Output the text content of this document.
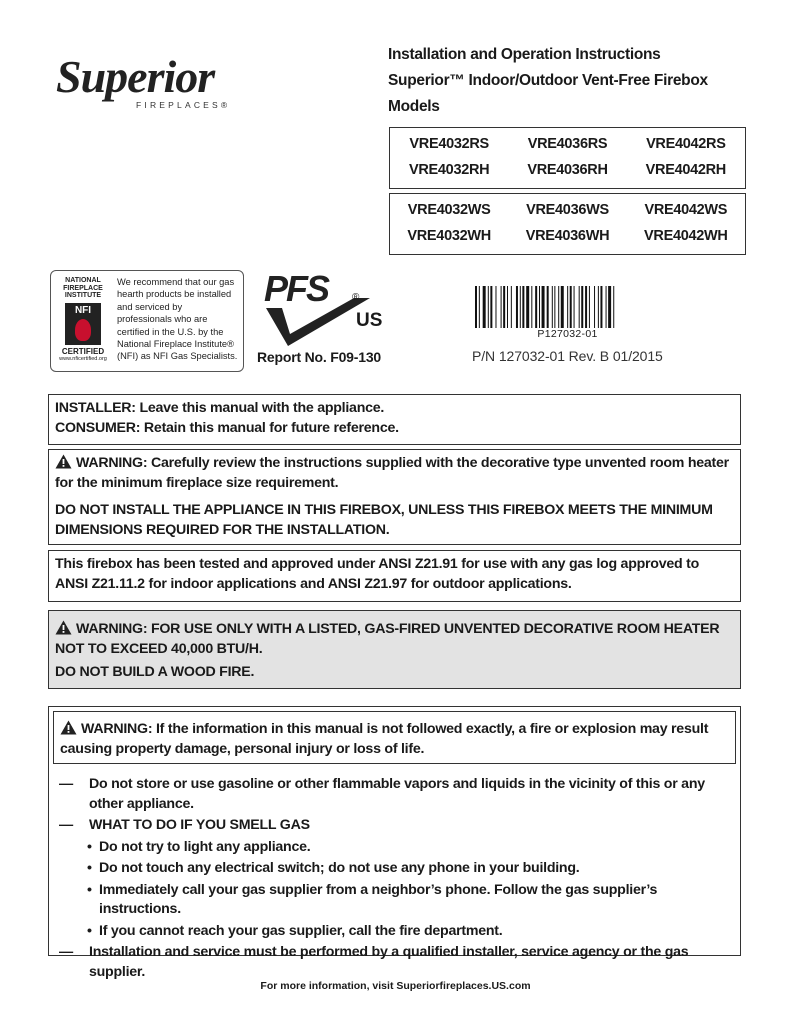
Superior
FIREPLACES®
Installation and Operation Instructions
Superior™ Indoor/Outdoor Vent-Free Firebox
Models
VRE4032RS	VRE4036RS	VRE4042RS
VRE4032RH	VRE4036RH	VRE4042RH
VRE4032WS	VRE4036WS	VRE4042WS
VRE4032WH	VRE4036WH	VRE4042WH
NATIONAL FIREPLACE INSTITUTE
NFI
CERTIFIED
www.nficertified.org
We recommend that our gas hearth products be installed and serviced by professionals who are certified in the U.S. by the National Fireplace Institute® (NFI) as NFI Gas Specialists.
PFS ®
US
Report No. F09-130
P127032-01
P/N 127032-01 Rev. B 01/2015

INSTALLER: Leave this manual with the appliance.

CONSUMER: Retain this manual for future reference.

WARNING: Carefully review the instructions supplied with the decorative type unvented room heater for the minimum fireplace size requirement.

DO NOT INSTALL THE APPLIANCE IN THIS FIREBOX, UNLESS THIS FIREBOX MEETS THE MINIMUM DIMENSIONS REQUIRED FOR THE INSTALLATION.

This firebox has been tested and approved under ANSI Z21.91 for use with any gas log approved to ANSI Z21.11.2 for indoor applications and ANSI Z21.97 for outdoor applications.

WARNING: FOR USE ONLY WITH A LISTED, GAS-FIRED UNVENTED DECORATIVE ROOM HEATER NOT TO EXCEED 40,000 BTU/H.

DO NOT BUILD A WOOD FIRE.

WARNING: If the information in this manual is not followed exactly, a fire or explosion may result causing property damage, personal injury or loss of life.

— Do not store or use gasoline or other flammable vapors and liquids in the vicinity of this or any other appliance.
— WHAT TO DO IF YOU SMELL GAS
• Do not try to light any appliance.
• Do not touch any electrical switch; do not use any phone in your building.
• Immediately call your gas supplier from a neighbor’s phone. Follow the gas supplier’s instructions.
• If you cannot reach your gas supplier, call the fire department.
— Installation and service must be performed by a qualified installer, service agency or the gas supplier.
For more information, visit Superiorfireplaces.US.com
